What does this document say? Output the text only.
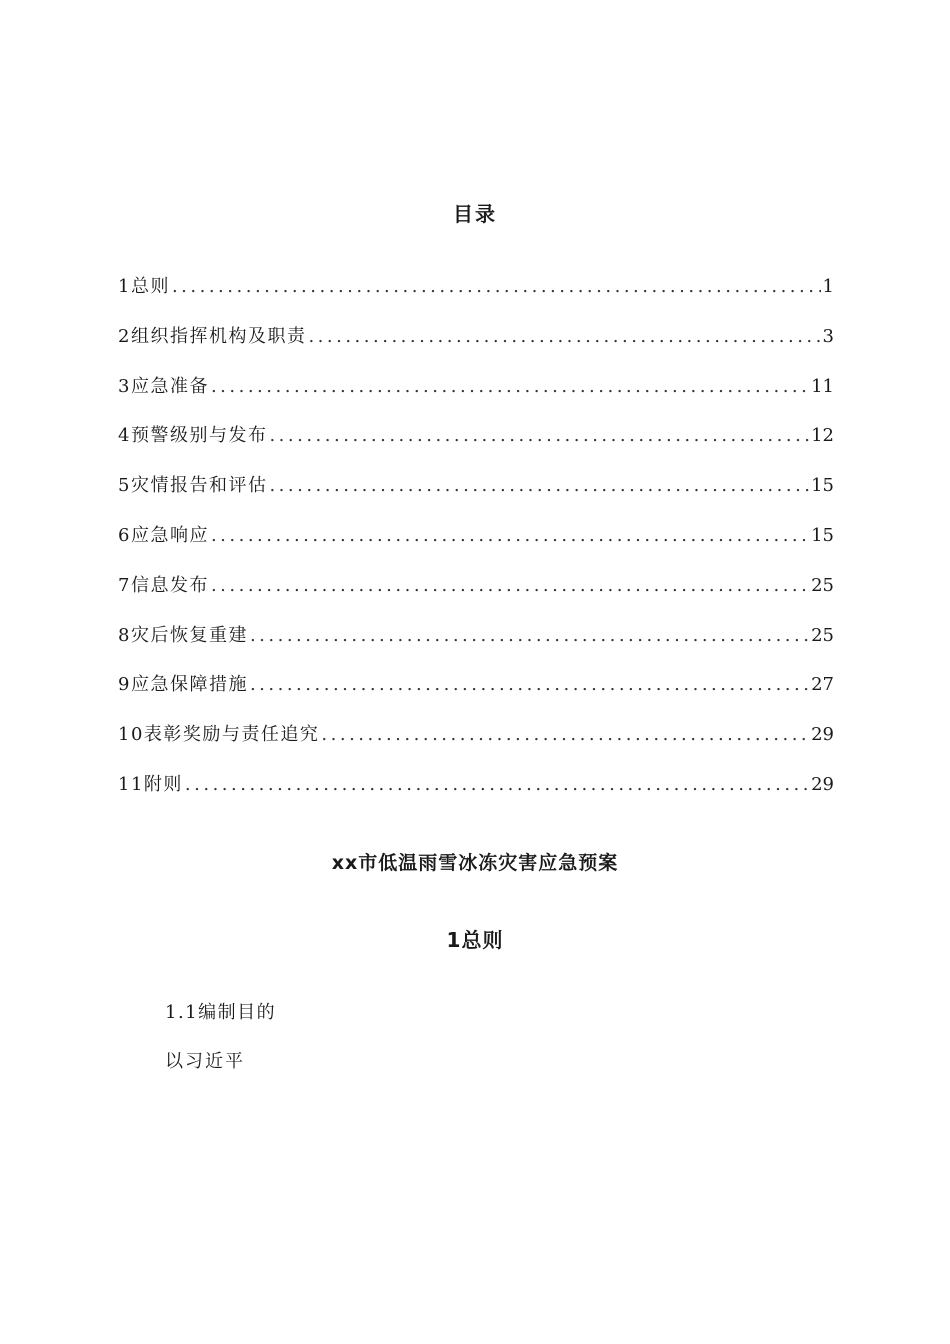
目录
1总则 .....	1
2组织指挥机构及职责 .....	3
3应急准备 .....	11
4预警级别与发布 .....	12
5灾情报告和评估 .....	15
6应急响应 .....	15
7信息发布 .....	25
8灾后恢复重建 .....	25
9应急保障措施 .....	27
10表彰奖励与责任追究 .....	29
11附则 .....	29
xx市低温雨雪冰冻灾害应急预案
1总则
1.1编制目的
以习近平
